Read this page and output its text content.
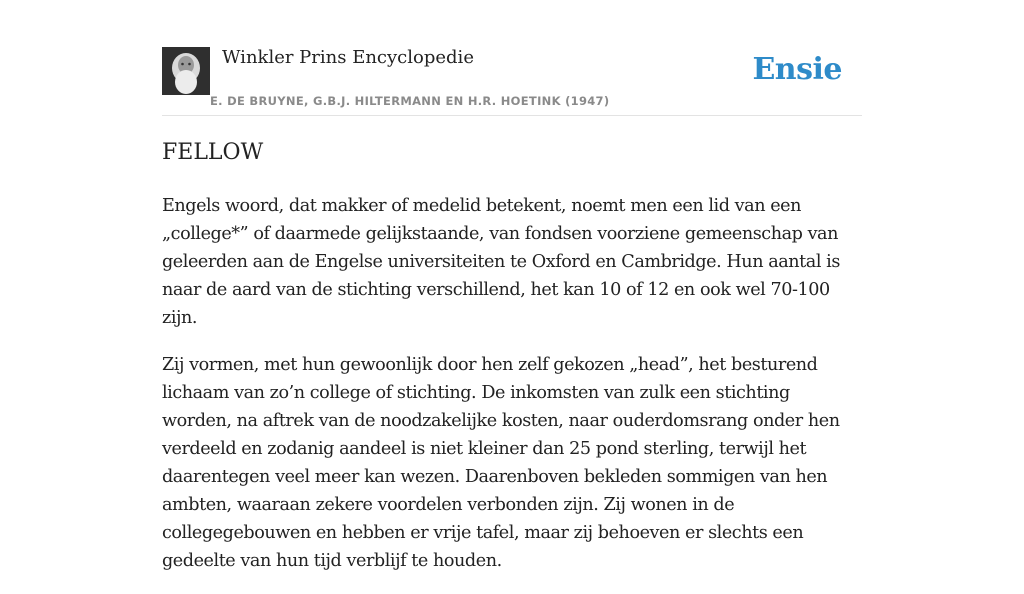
Winkler Prins Encyclopedie
E. DE BRUYNE, G.B.J. HILTERMANN EN H.R. HOETINK (1947)
Ensie
FELLOW

Engels woord, dat makker of medelid betekent, noemt men een lid van een „college*” of daarmede gelijkstaande, van fondsen voorziene gemeenschap van geleerden aan de Engelse universiteiten te Oxford en Cambridge. Hun aantal is naar de aard van de stichting verschillend, het kan 10 of 12 en ook wel 70-100 zijn.

Zij vormen, met hun gewoonlijk door hen zelf gekozen „head”, het besturend lichaam van zo’n college of stichting. De inkomsten van zulk een stichting worden, na aftrek van de noodzakelijke kosten, naar ouderdomsrang onder hen verdeeld en zodanig aandeel is niet kleiner dan 25 pond sterling, terwijl het daarentegen veel meer kan wezen. Daarenboven bekleden sommigen van hen ambten, waaraan zekere voordelen verbonden zijn. Zij wonen in de collegegebouwen en hebben er vrije tafel, maar zij behoeven er slechts een gedeelte van hun tijd verblijf te houden.
